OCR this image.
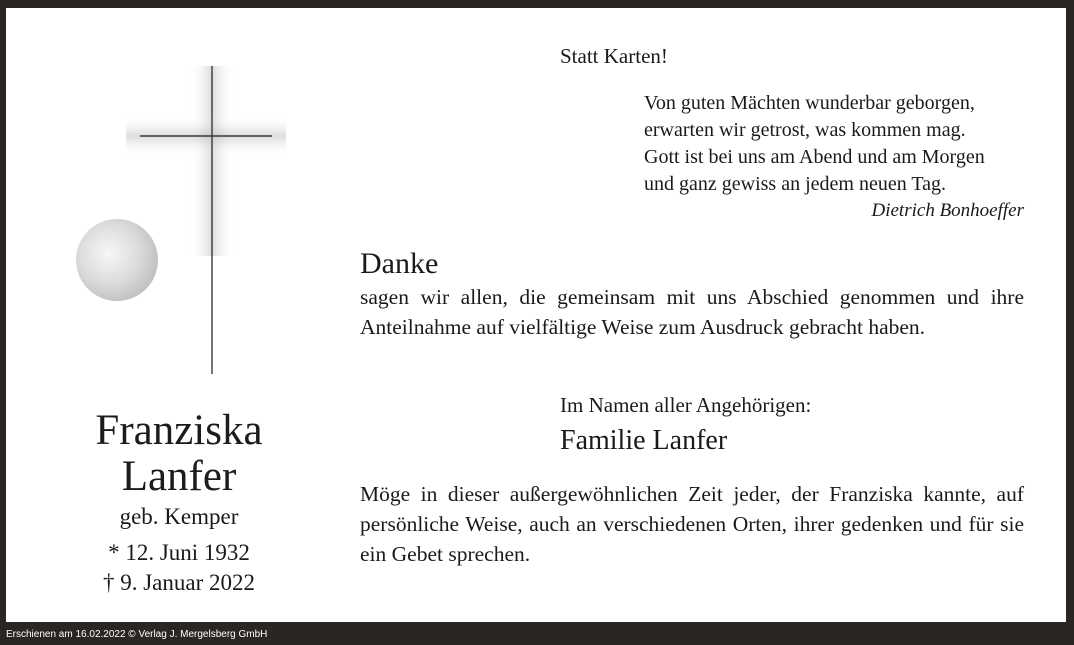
Franziska
Lanfer
geb. Kemper
* 12. Juni 1932
† 9. Januar 2022
Statt Karten!
Von guten Mächten wunderbar geborgen,
erwarten wir getrost, was kommen mag.
Gott ist bei uns am Abend und am Morgen
und ganz gewiss an jedem neuen Tag.
Dietrich Bonhoeffer
Danke
sagen wir allen, die gemeinsam mit uns Abschied genommen und ihre Anteilnahme auf vielfältige Weise zum Ausdruck gebracht haben.
Im Namen aller Angehörigen:
Familie Lanfer
Möge in dieser außergewöhnlichen Zeit jeder, der Franziska kannte, auf persönliche Weise, auch an verschiedenen Orten, ihrer gedenken und für sie ein Gebet sprechen.
Erschienen am 16.02.2022 © Verlag J. Mergelsberg GmbH
